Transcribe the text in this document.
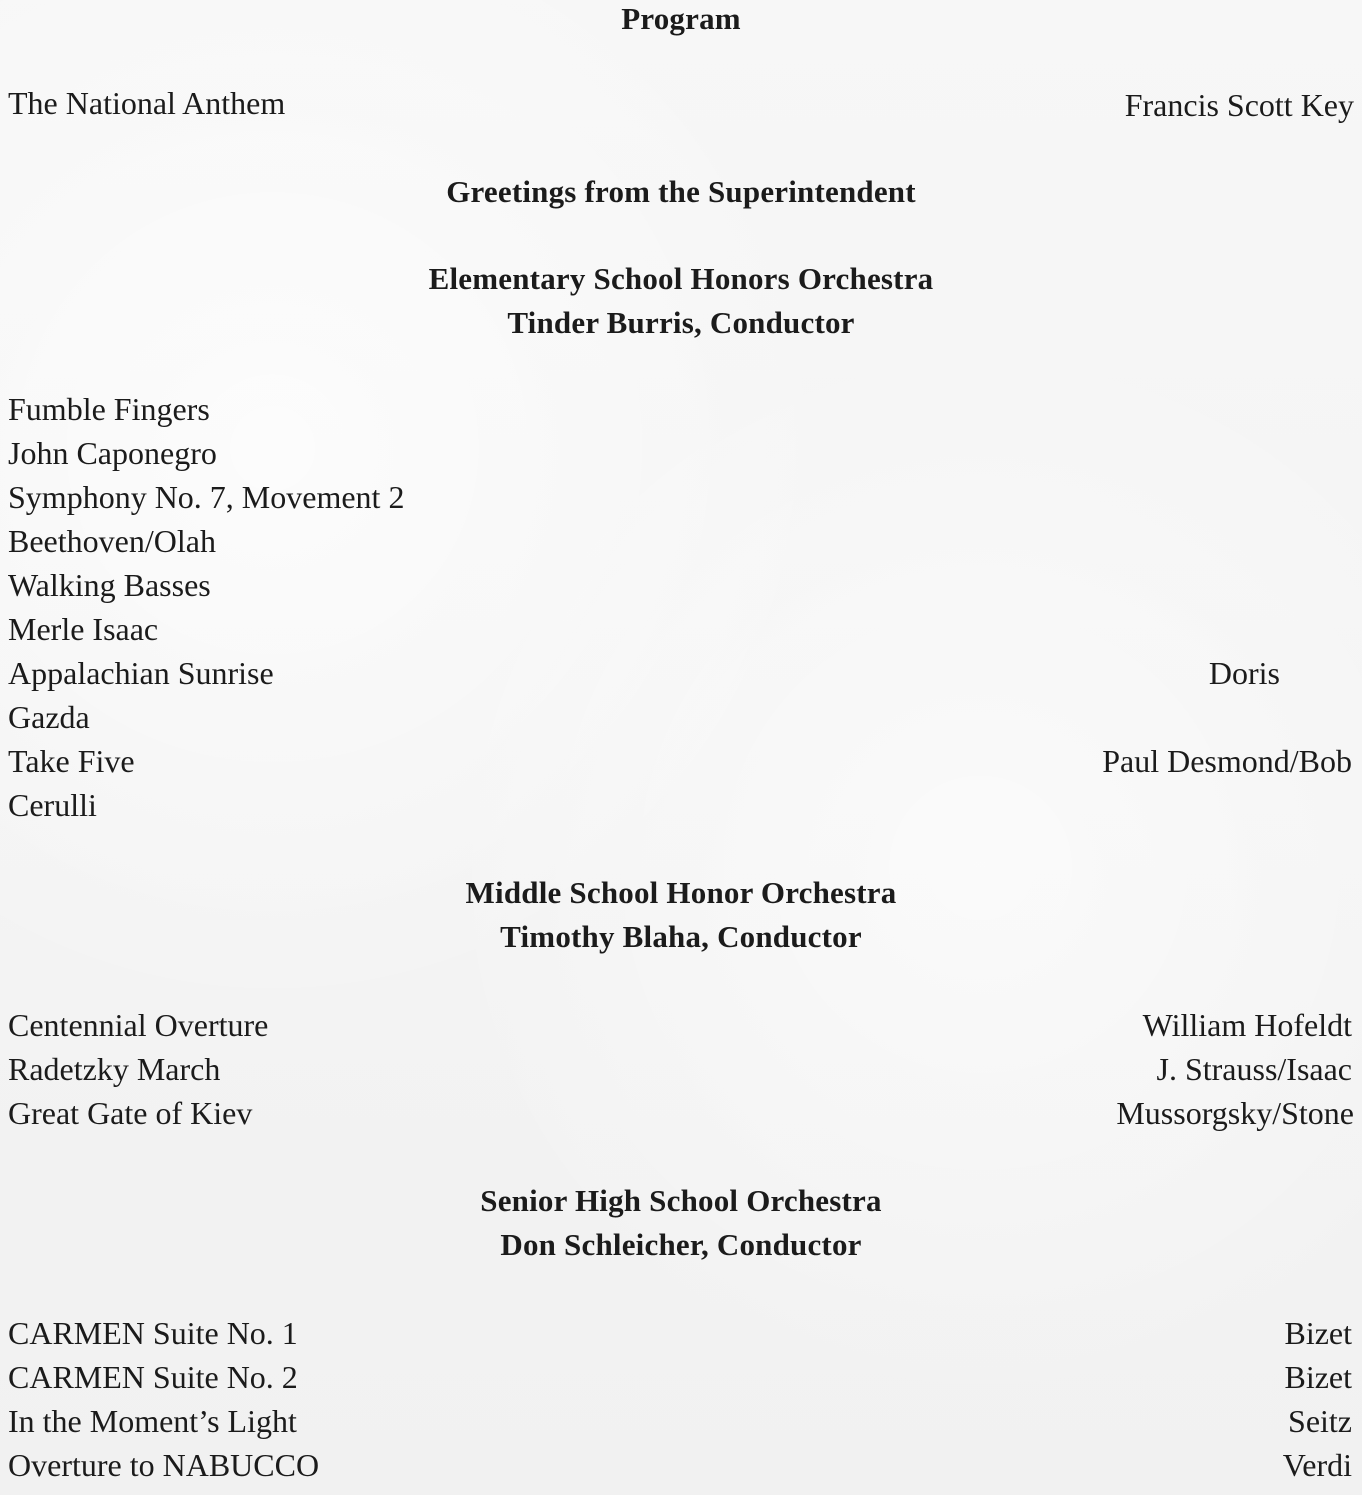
Program
The National Anthem	Francis Scott Key
Greetings from the Superintendent
Elementary School Honors Orchestra
Tinder Burris, Conductor
Fumble Fingers
John Caponegro
Symphony No. 7, Movement 2
Beethoven/Olah
Walking Basses
Merle Isaac
Appalachian Sunrise	Doris
Gazda
Take Five	Paul Desmond/Bob
Cerulli
Middle School Honor Orchestra
Timothy Blaha, Conductor
Centennial Overture	William Hofeldt
Radetzky March	J. Strauss/Isaac
Great Gate of Kiev	Mussorgsky/Stone
Senior High School Orchestra
Don Schleicher, Conductor
CARMEN Suite No. 1	Bizet
CARMEN Suite No. 2	Bizet
In the Moment’s Light	Seitz
Overture to NABUCCO	Verdi
